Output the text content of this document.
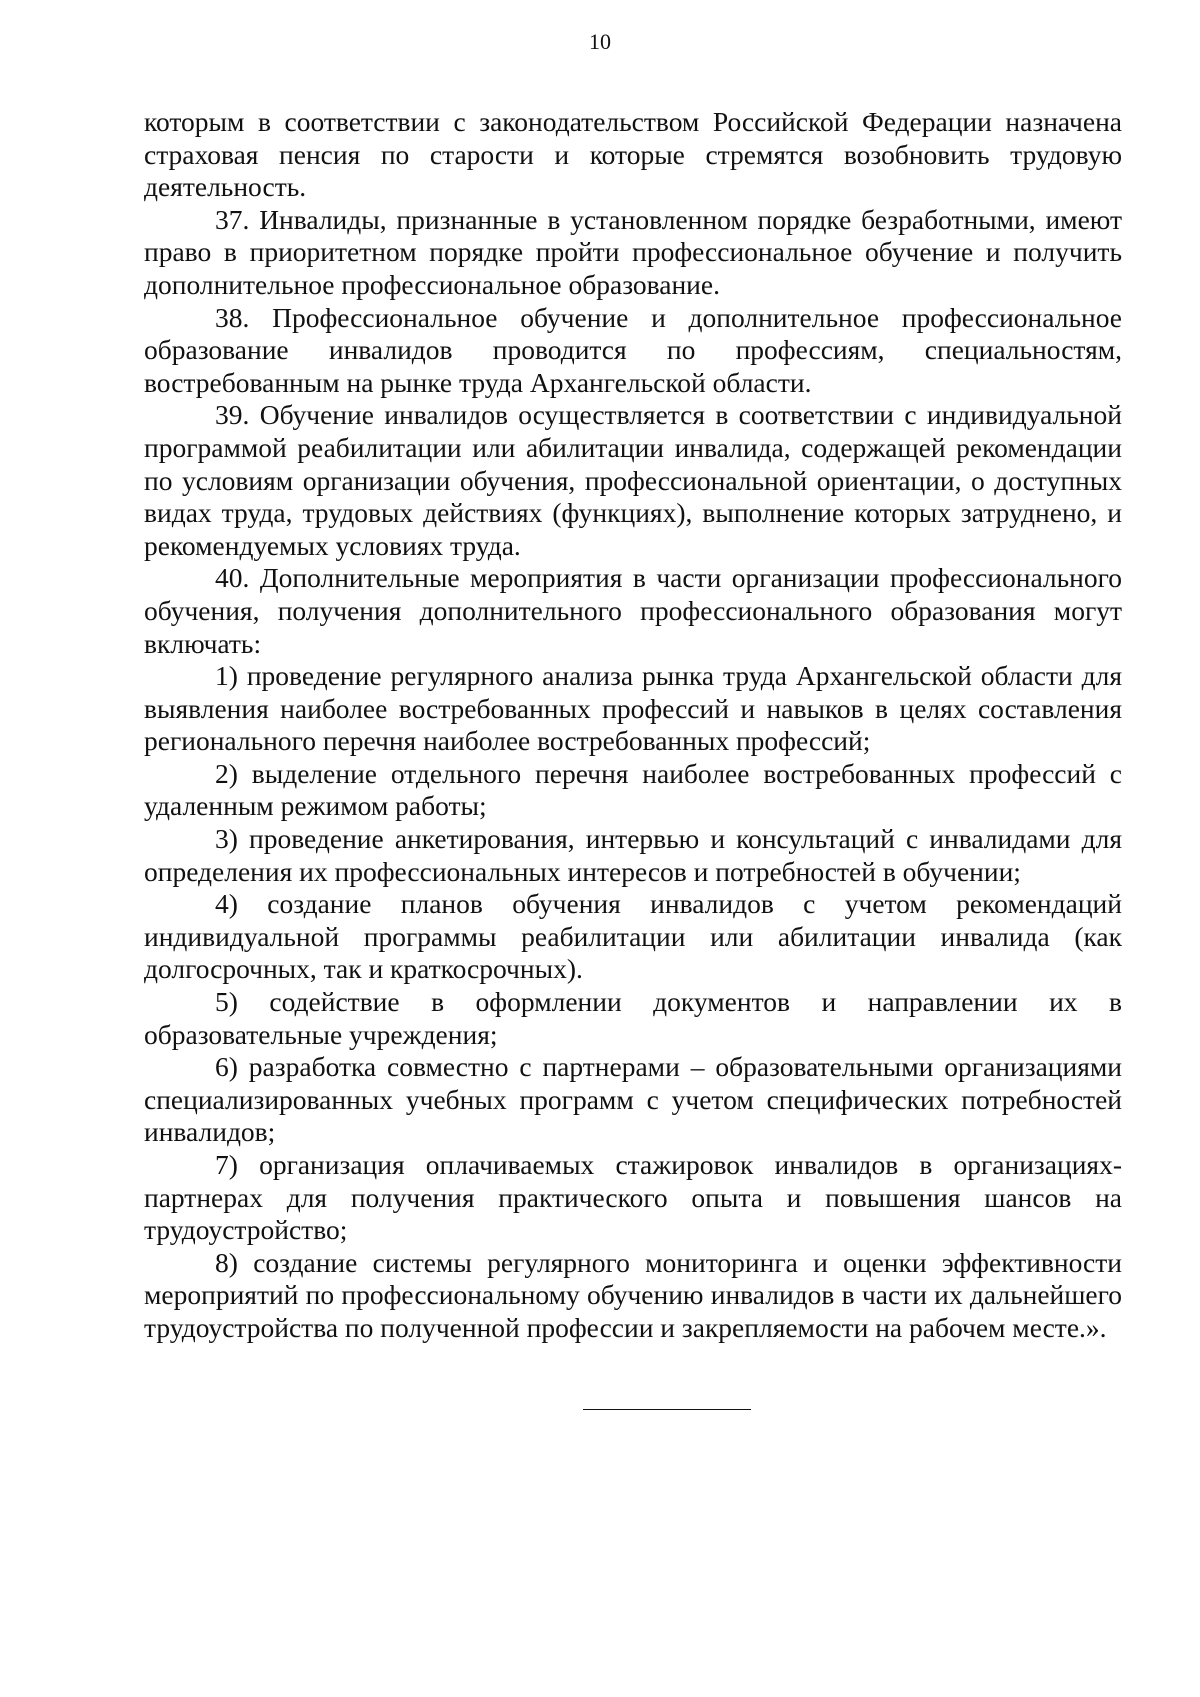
10

которым в соответствии с законодательством Российской Федерации назначена страховая пенсия по старости и которые стремятся возобновить трудовую деятельность.

37. Инвалиды, признанные в установленном порядке безработными, имеют право в приоритетном порядке пройти профессиональное обучение и получить дополнительное профессиональное образование.

38. Профессиональное обучение и дополнительное профессиональное образование инвалидов проводится по профессиям, специальностям, востребованным на рынке труда Архангельской области.

39. Обучение инвалидов осуществляется в соответствии с индивидуальной программой реабилитации или абилитации инвалида, содержащей рекомендации по условиям организации обучения, профессиональной ориентации, о доступных видах труда, трудовых действиях (функциях), выполнение которых затруднено, и рекомендуемых условиях труда.

40. Дополнительные мероприятия в части организации профессионального обучения, получения дополнительного профессионального образования могут включать:

1) проведение регулярного анализа рынка труда Архангельской области для выявления наиболее востребованных профессий и навыков в целях составления регионального перечня наиболее востребованных профессий;

2) выделение отдельного перечня наиболее востребованных профессий с удаленным режимом работы;

3) проведение анкетирования, интервью и консультаций с инвалидами для определения их профессиональных интересов и потребностей в обучении;

4) создание планов обучения инвалидов с учетом рекомендаций индивидуальной программы реабилитации или абилитации инвалида (как долгосрочных, так и краткосрочных).

5) содействие в оформлении документов и направлении их в образовательные учреждения;

6) разработка совместно с партнерами – образовательными организациями специализированных учебных программ с учетом специфических потребностей инвалидов;

7) организация оплачиваемых стажировок инвалидов в организациях-партнерах для получения практического опыта и повышения шансов на трудоустройство;

8) создание системы регулярного мониторинга и оценки эффективности мероприятий по профессиональному обучению инвалидов в части их дальнейшего трудоустройства по полученной профессии и закрепляемости на рабочем месте.».
